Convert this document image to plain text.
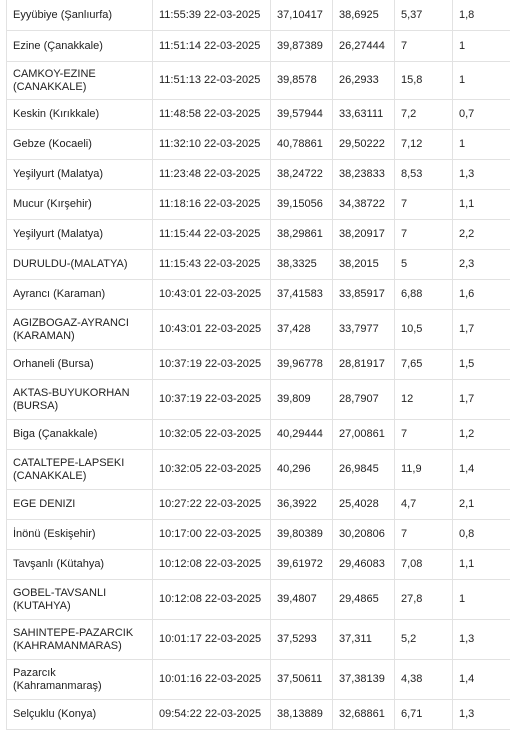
Eyyübiye (Şanlıurfa)	11:55:39 22-03-2025	37,10417	38,6925	5,37	1,8
Ezine (Çanakkale)	11:51:14 22-03-2025	39,87389	26,27444	7	1
CAMKOY-EZINE
(CANAKKALE)	11:51:13 22-03-2025	39,8578	26,2933	15,8	1
Keskin (Kırıkkale)	11:48:58 22-03-2025	39,57944	33,63111	7,2	0,7
Gebze (Kocaeli)	11:32:10 22-03-2025	40,78861	29,50222	7,12	1
Yeşilyurt (Malatya)	11:23:48 22-03-2025	38,24722	38,23833	8,53	1,3
Mucur (Kırşehir)	11:18:16 22-03-2025	39,15056	34,38722	7	1,1
Yeşilyurt (Malatya)	11:15:44 22-03-2025	38,29861	38,20917	7	2,2
DURULDU-(MALATYA)	11:15:43 22-03-2025	38,3325	38,2015	5	2,3
Ayrancı (Karaman)	10:43:01 22-03-2025	37,41583	33,85917	6,88	1,6
AGIZBOGAZ-AYRANCI
(KARAMAN)	10:43:01 22-03-2025	37,428	33,7977	10,5	1,7
Orhaneli (Bursa)	10:37:19 22-03-2025	39,96778	28,81917	7,65	1,5
AKTAS-BUYUKORHAN
(BURSA)	10:37:19 22-03-2025	39,809	28,7907	12	1,7
Biga (Çanakkale)	10:32:05 22-03-2025	40,29444	27,00861	7	1,2
CATALTEPE-LAPSEKI
(CANAKKALE)	10:32:05 22-03-2025	40,296	26,9845	11,9	1,4
EGE DENIZI	10:27:22 22-03-2025	36,3922	25,4028	4,7	2,1
İnönü (Eskişehir)	10:17:00 22-03-2025	39,80389	30,20806	7	0,8
Tavşanlı (Kütahya)	10:12:08 22-03-2025	39,61972	29,46083	7,08	1,1
GOBEL-TAVSANLI
(KUTAHYA)	10:12:08 22-03-2025	39,4807	29,4865	27,8	1
SAHINTEPE-PAZARCIK
(KAHRAMANMARAS)	10:01:17 22-03-2025	37,5293	37,311	5,2	1,3
Pazarcık
(Kahramanmaraş)	10:01:16 22-03-2025	37,50611	37,38139	4,38	1,4
Selçuklu (Konya)	09:54:22 22-03-2025	38,13889	32,68861	6,71	1,3
